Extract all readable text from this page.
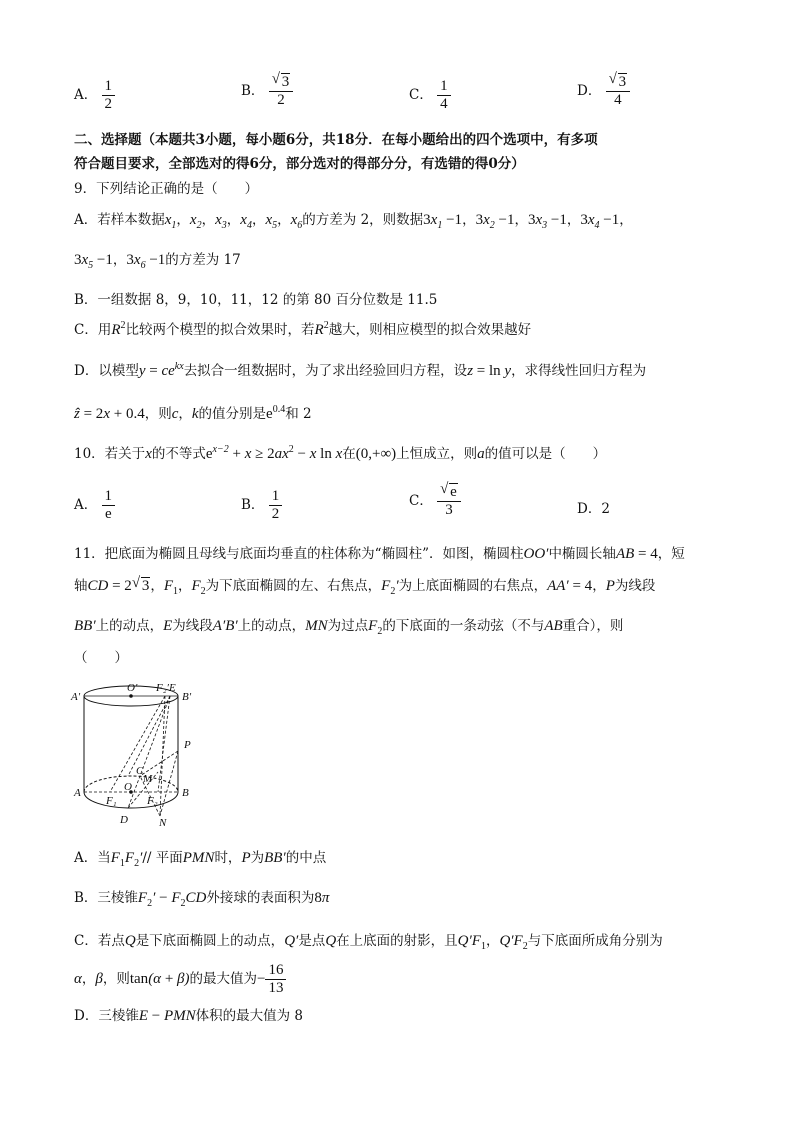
A． $\frac{1}{2}$	B． √ $\frac{3}{2}$	C． $\frac{1}{4}$	D． √ $\frac{3}{4}$
二、选择题（本题共3小题，每小题6分，共18分．在每小题给出的四个选项中，有多项
符合题目要求，全部选对的得6分，部分选对的得部分分，有选错的得0分）
9．下列结论正确的是（　　）
A．若样本数据$x_1$，$x_2$，$x_3$，$x_4$，$x_5$，$x_6$的方差为 2，则数据$3x_1 -1$，$3x_2 -1$，$3x_3 -1$，$3x_4 -1$，
$3x_5 -1$，$3x_6 -1$的方差为 17
B．一组数据 8，9，10，11，12 的第 80 百分位数是 11.5
C．用$R^2$比较两个模型的拟合效果时，若$R^2$越大，则相应模型的拟合效果越好
D．以模型$y = ce^{kx}$去拟合一组数据时，为了求出经验回归方程，设z = ln y，求得线性回归方程为
ẑ = 2x + 0.4，则c，k的值分别是$e^{0.4}$和 2
10．若关于x的不等式$e^{x-2} + x \ge 2ax^2 - x$ ln x在(0,+∞)上恒成立，则a的值可以是（　　）
A． $\frac{1}{e}$	B． $\frac{1}{2}$	C． √ $\frac{e}{3}$	D．2
11．把底面为椭圆且母线与底面均垂直的柱体称为“椭圆柱”．如图，椭圆柱OO′中椭圆长轴AB = 4，短
轴CD = 2 √ 3，$F_1$，$F_2$为下底面椭圆的左、右焦点，$F_2'$为上底面椭圆的右焦点，AA′ = 4，P为线段
BB′上的动点，E为线段A′B′上的动点，MN为过点$F_2$的下底面的一条动弦（不与AB重合），则
（　　）
A′
O′ F₂′ E
B′
P
C
M
O
A	B
F₁	F₂
D	N
A．当$F_1F_2'//$ 平面PMN时，P为BB′的中点
B．三棱锥$F_2' - F_2CD$外接球的表面积为8π
C．若点Q是下底面椭圆上的动点，Q′是点Q在上底面的射影，且$Q'F_1$，$Q'F_2$与下底面所成角分别为
α，β，则tan(α + β)的最大值为− $\frac{16}{13}$
D．三棱锥E − PMN体积的最大值为 8
